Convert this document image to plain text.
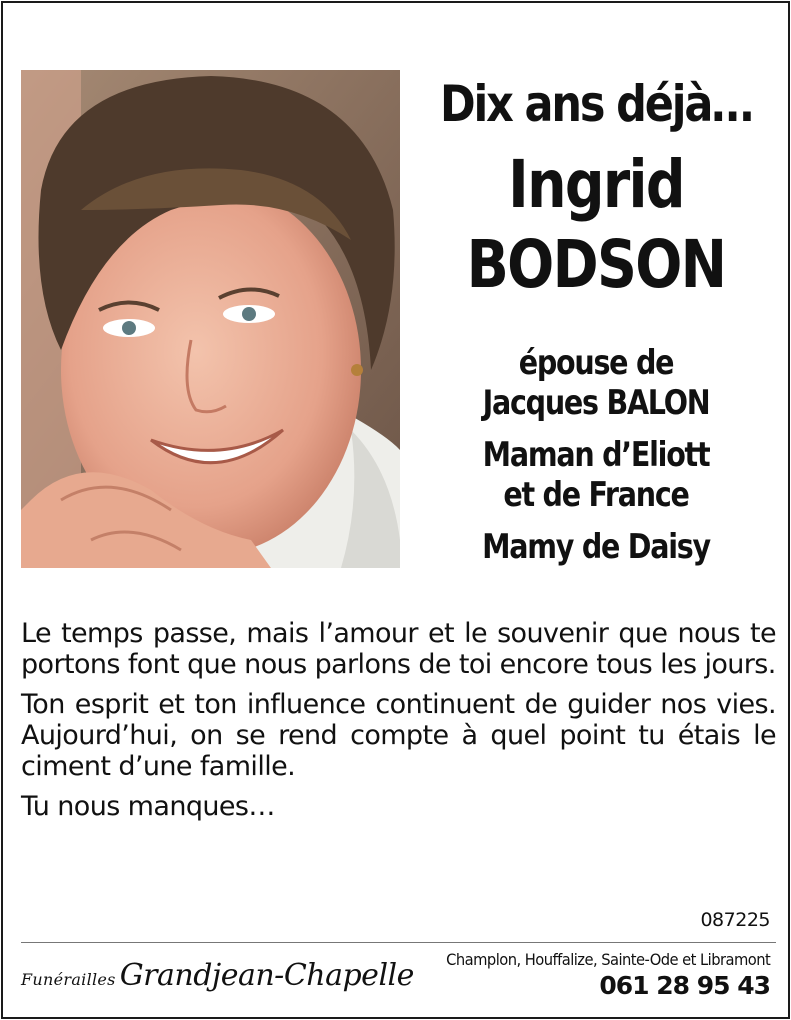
Dix ans déjà…
Ingrid
BODSON
épouse de
Jacques BALON
Maman d’Eliott
et de France
Mamy de Daisy

Le temps passe, mais l’amour et le souvenir que nous te portons font que nous parlons de toi encore tous les jours.

Ton esprit et ton influence continuent de guider nos vies. Aujourd’hui, on se rend compte à quel point tu étais le ciment d’une famille.

Tu nous manques…

087225
Funérailles Grandjean-Chapelle Champlon, Houffalize, Sainte-Ode et Libramont
061 28 95 43
